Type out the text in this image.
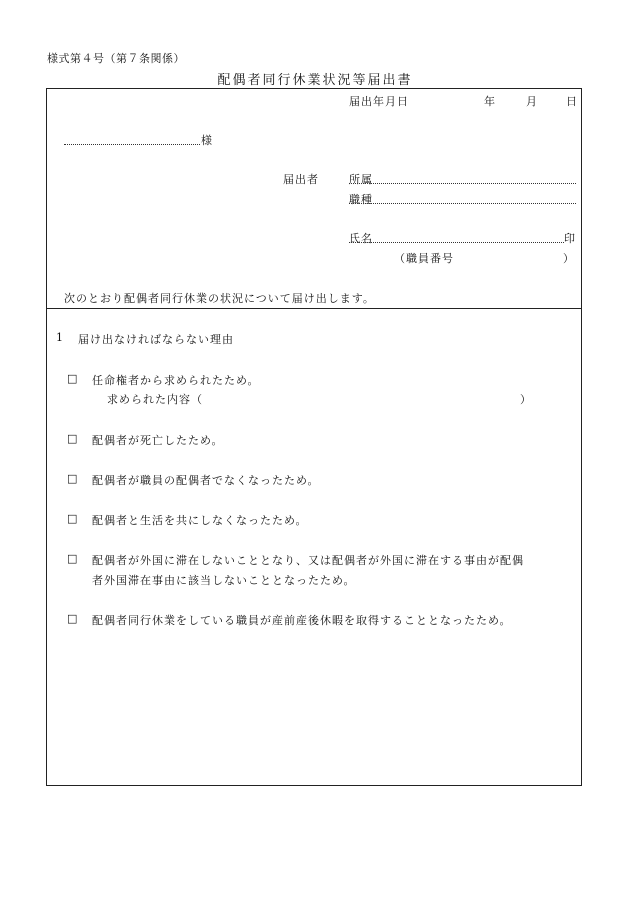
様式第４号（第７条関係）
配偶者同行休業状況等届出書
届出年月日	年	月	日
様
届出者	所属
職種
氏名	印
（職員番号	）
次のとおり配偶者同行休業の状況について届け出します。
1 届け出なければならない理由
□ 任命権者から求められたため。
求められた内容（	）
□ 配偶者が死亡したため。
□ 配偶者が職員の配偶者でなくなったため。
□ 配偶者と生活を共にしなくなったため。
□ 配偶者が外国に滞在しないこととなり、又は配偶者が外国に滞在する事由が配偶
者外国滞在事由に該当しないこととなったため。
□ 配偶者同行休業をしている職員が産前産後休暇を取得することとなったため。
